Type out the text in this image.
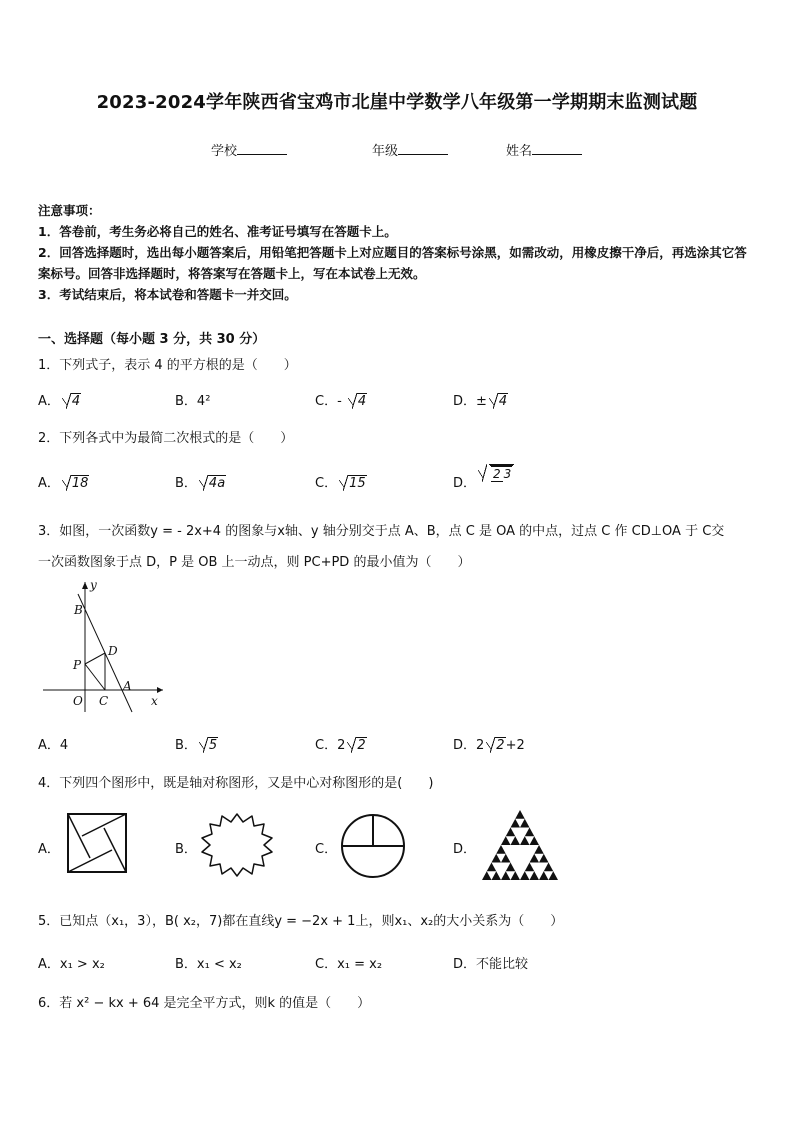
2023-2024学年陕西省宝鸡市北崖中学数学八年级第一学期期末监测试题
学校	年级	姓名
注意事项：
1．答卷前，考生务必将自己的姓名、准考证号填写在答题卡上。
2．回答选择题时，选出每小题答案后，用铅笔把答题卡上对应题目的答案标号涂黑，如需改动，用橡皮擦干净后，再选涂其它答案标号。回答非选择题时，将答案写在答题卡上，写在本试卷上无效。
3．考试结束后，将本试卷和答题卡一并交回。
一、选择题（每小题 3 分，共 30 分）
1．下列式子，表示 4 的平方根的是（　　）
A． 4	B．4²	C．- 4	D．± 4
2．下列各式中为最简二次根式的是（　　）
A． 18	B． 4a	C． 15	D．2 3
3．如图，一次函数y = - 2x+4 的图象与x轴、y 轴分别交于点 A、B，点 C 是 OA 的中点，过点 C 作 CD⊥OA 于 C交
一次函数图象于点 D，P 是 OB 上一动点，则 PC+PD 的最小值为（　　）
y
B
D
P
A
O C	x
A．4	B． 5	C．2 2	D．2 2+2
4．下列四个图形中，既是轴对称图形，又是中心对称图形的是(　　)
A．	B．	C．	D．
5．已知点（x₁，3），B( x₂，7)都在直线y = −2x + 1上，则x₁、x₂的大小关系为（　　）
A．x₁ > x₂	B．x₁ < x₂	C．x₁ = x₂	D．不能比较
6．若 x² − kx + 64 是完全平方式，则k 的值是（　　）
